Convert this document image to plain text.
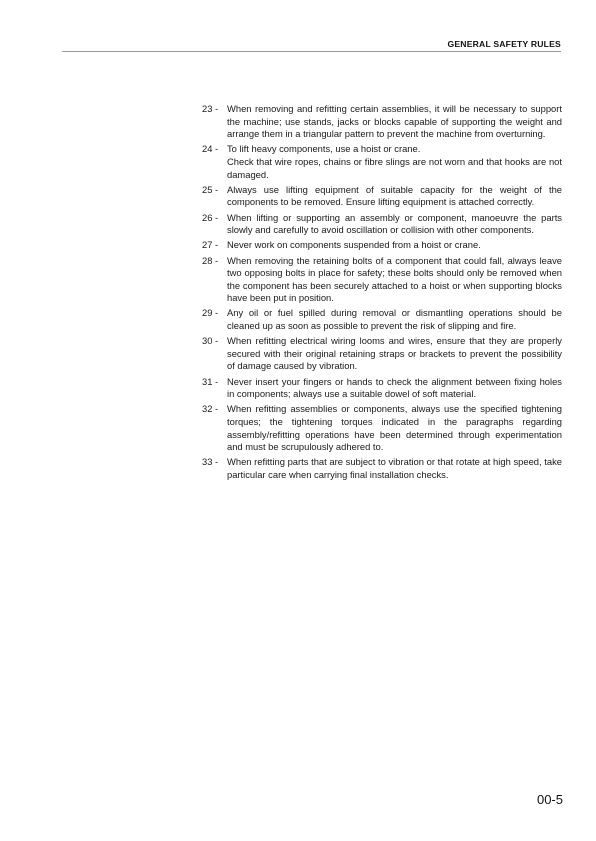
GENERAL SAFETY RULES
23 - When removing and refitting certain assemblies, it will be necessary to support the machine; use stands, jacks or blocks capable of supporting the weight and arrange them in a triangular pattern to prevent the machine from overturning.
24 - To lift heavy components, use a hoist or crane.
Check that wire ropes, chains or fibre slings are not worn and that hooks are not damaged.
25 - Always use lifting equipment of suitable capacity for the weight of the components to be removed. Ensure lifting equipment is attached correctly.
26 - When lifting or supporting an assembly or component, manoeuvre the parts slowly and carefully to avoid oscillation or collision with other components.
27 - Never work on components suspended from a hoist or crane.
28 - When removing the retaining bolts of a component that could fall, always leave two opposing bolts in place for safety; these bolts should only be removed when the component has been securely attached to a hoist or when supporting blocks have been put in position.
29 - Any oil or fuel spilled during removal or dismantling operations should be cleaned up as soon as possible to prevent the risk of slipping and fire.
30 - When refitting electrical wiring looms and wires, ensure that they are properly secured with their original retaining straps or brackets to prevent the possibility of damage caused by vibration.
31 - Never insert your fingers or hands to check the alignment between fixing holes in components; always use a suitable dowel of soft material.
32 - When refitting assemblies or components, always use the specified tightening torques; the tightening torques indicated in the paragraphs regarding assembly/refitting operations have been determined through experimentation and must be scrupulously adhered to.
33 - When refitting parts that are subject to vibration or that rotate at high speed, take particular care when carrying final installation checks.
00-5
